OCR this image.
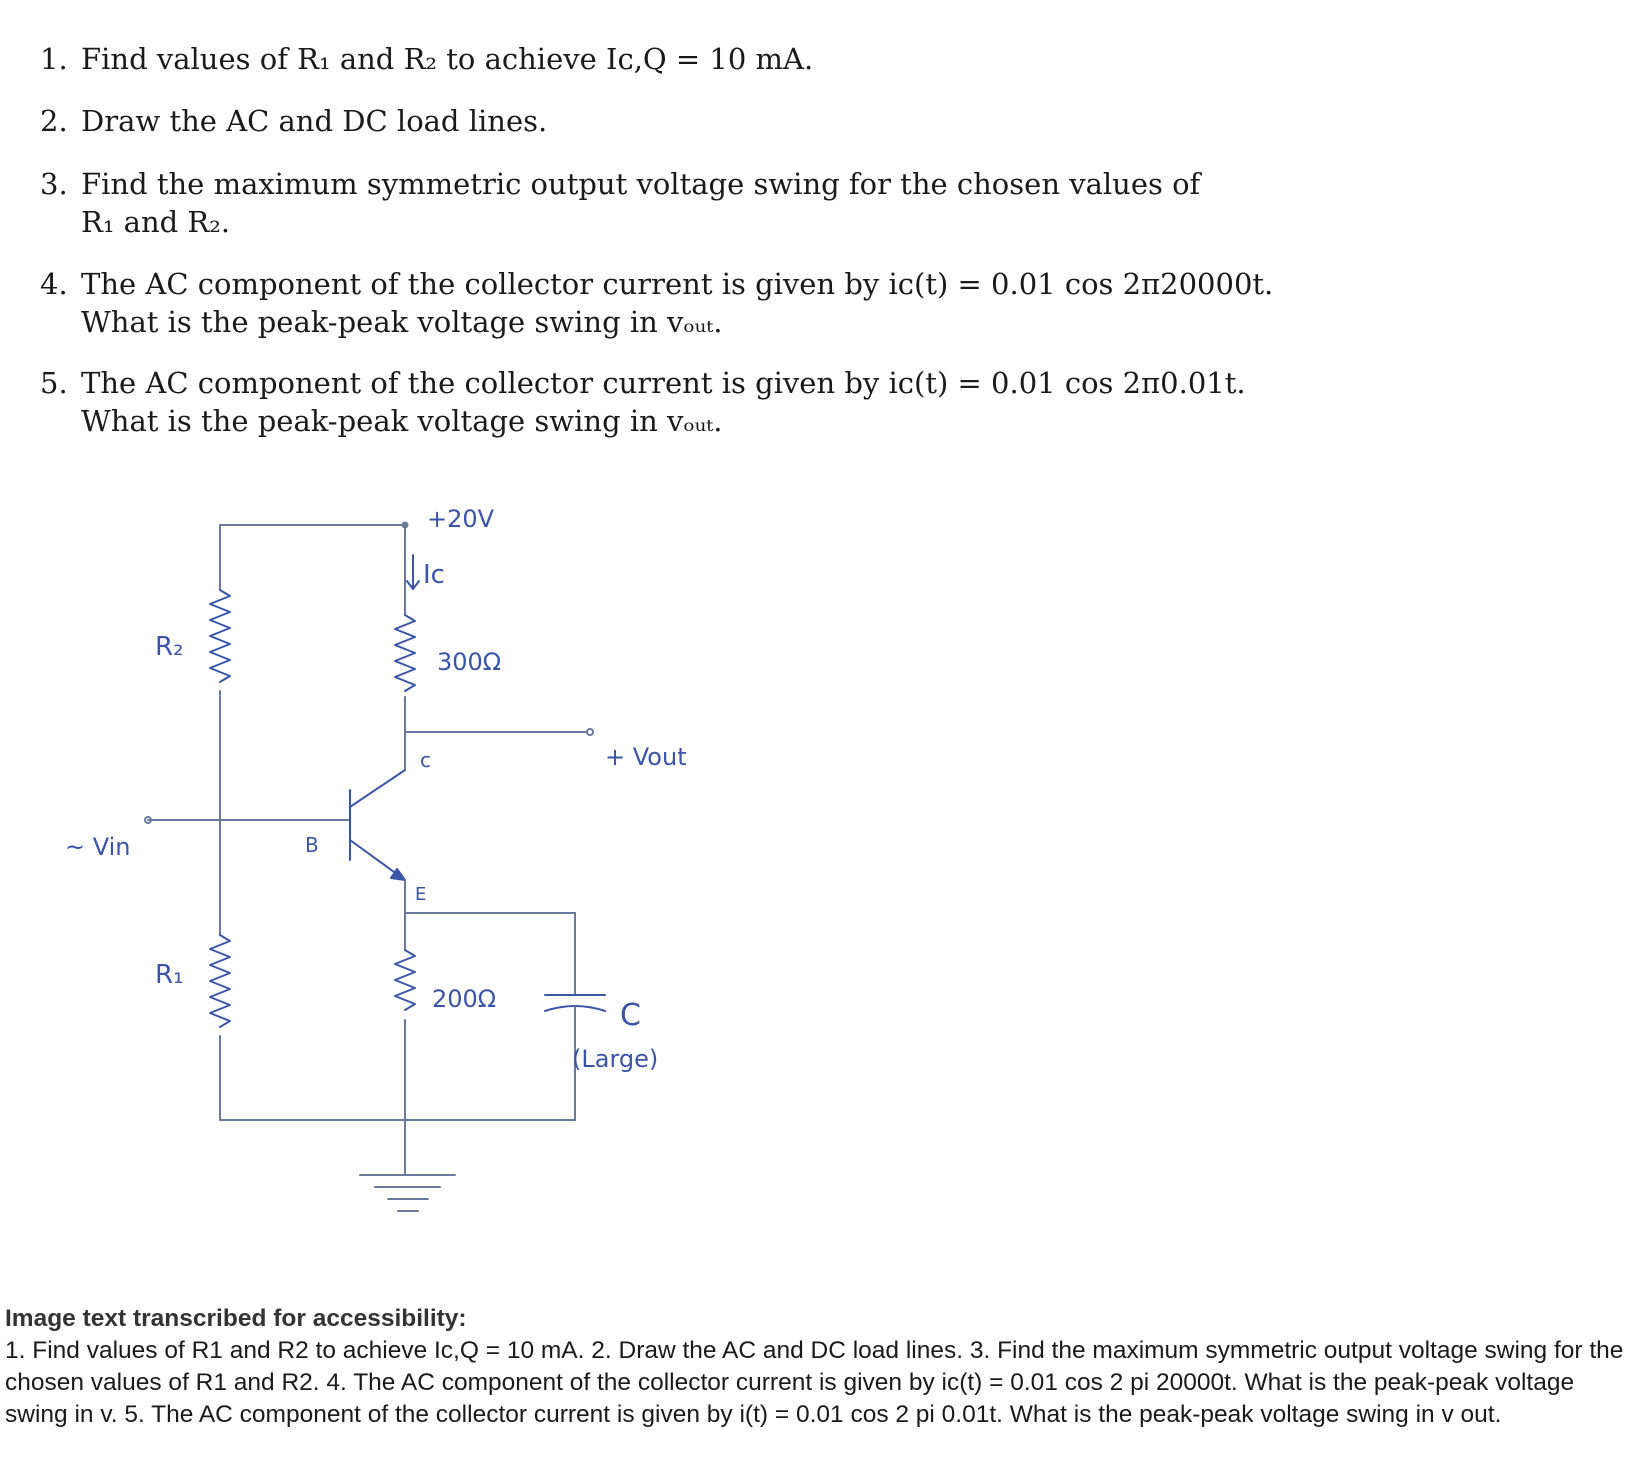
1. Find values of R₁ and R₂ to achieve Iᴄ,Q = 10 mA.
2. Draw the AC and DC load lines.
3. Find the maximum symmetric output voltage swing for the chosen values of
R₁ and R₂.
4. The AC component of the collector current is given by iᴄ(t) = 0.01 cos 2π20000t.
What is the peak-peak voltage swing in vₒᵤₜ.
5. The AC component of the collector current is given by iᴄ(t) = 0.01 cos 2π0.01t.
What is the peak-peak voltage swing in vₒᵤₜ.
+20V
Iᴄ
300Ω
R₂
R₁
~ Vin	B
c
E
+ Vout
200Ω	C
(Large)
Image text transcribed for accessibility:
1. Find values of R1 and R2 to achieve Ic,Q = 10 mA. 2. Draw the AC and DC load lines. 3. Find the maximum symmetric output voltage swing for the chosen values of R1 and R2. 4. The AC component of the collector current is given by ic(t) = 0.01 cos 2 pi 20000t. What is the peak-peak voltage swing in v. 5. The AC component of the collector current is given by i(t) = 0.01 cos 2 pi 0.01t. What is the peak-peak voltage swing in v out.
